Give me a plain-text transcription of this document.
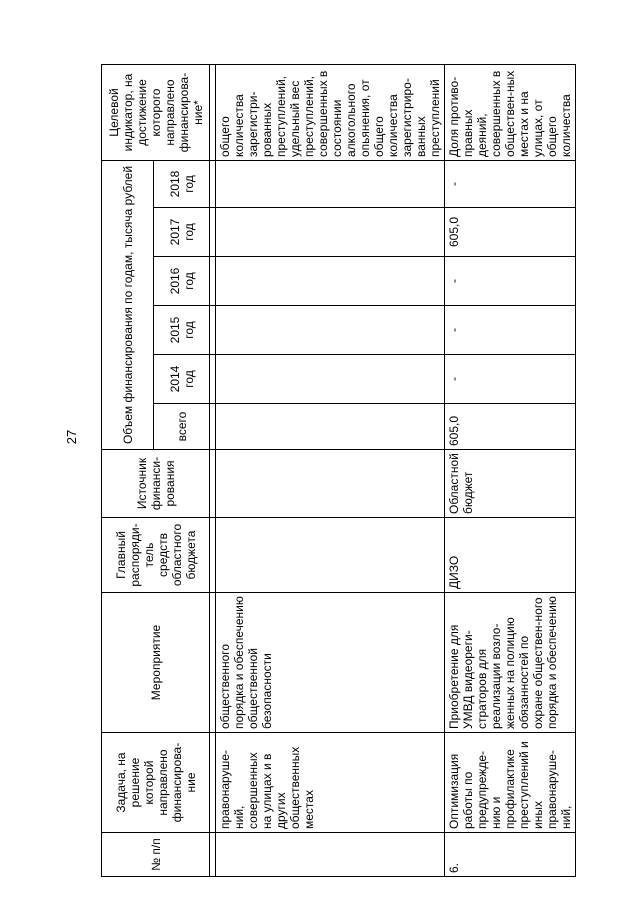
27
№ п/п	Задача, на решение которой направлено финансирова-ние	Мероприятие	Главный распоряди-тель средств областного бюджета	Источник финанси-рования	Объем финансирования по годам, тысяча рублей						Целевой индикатор, на достижение которого направлено финансирова-ние*
					всего	2014 год	2015 год	2016 год	2017 год	2018 год	

	правонаруше-ний, совершенных на улицах и в других общественных местах	общественного порядка и обеспечению общественной безопасности									общего количества зарегистри-рованных преступлений, удельный вес преступлений, совершенных в состоянии алкогольного опьянения, от общего количества зарегистриро-ванных преступлений
6.	Оптимизация работы по предупрежде-нию и профилактике преступлений и иных правонаруше-ний,	Приобретение для УМВД видеореги-страторов для реализации возло-женных на полицию обязанностей по охране обществен-ного порядка и обеспечению	ДИЗО	Областной бюджет	605,0	-	-	-	605,0	-	Доля противо-правных деяний, совершенных в обществен-ных местах и на улицах, от общего количества
